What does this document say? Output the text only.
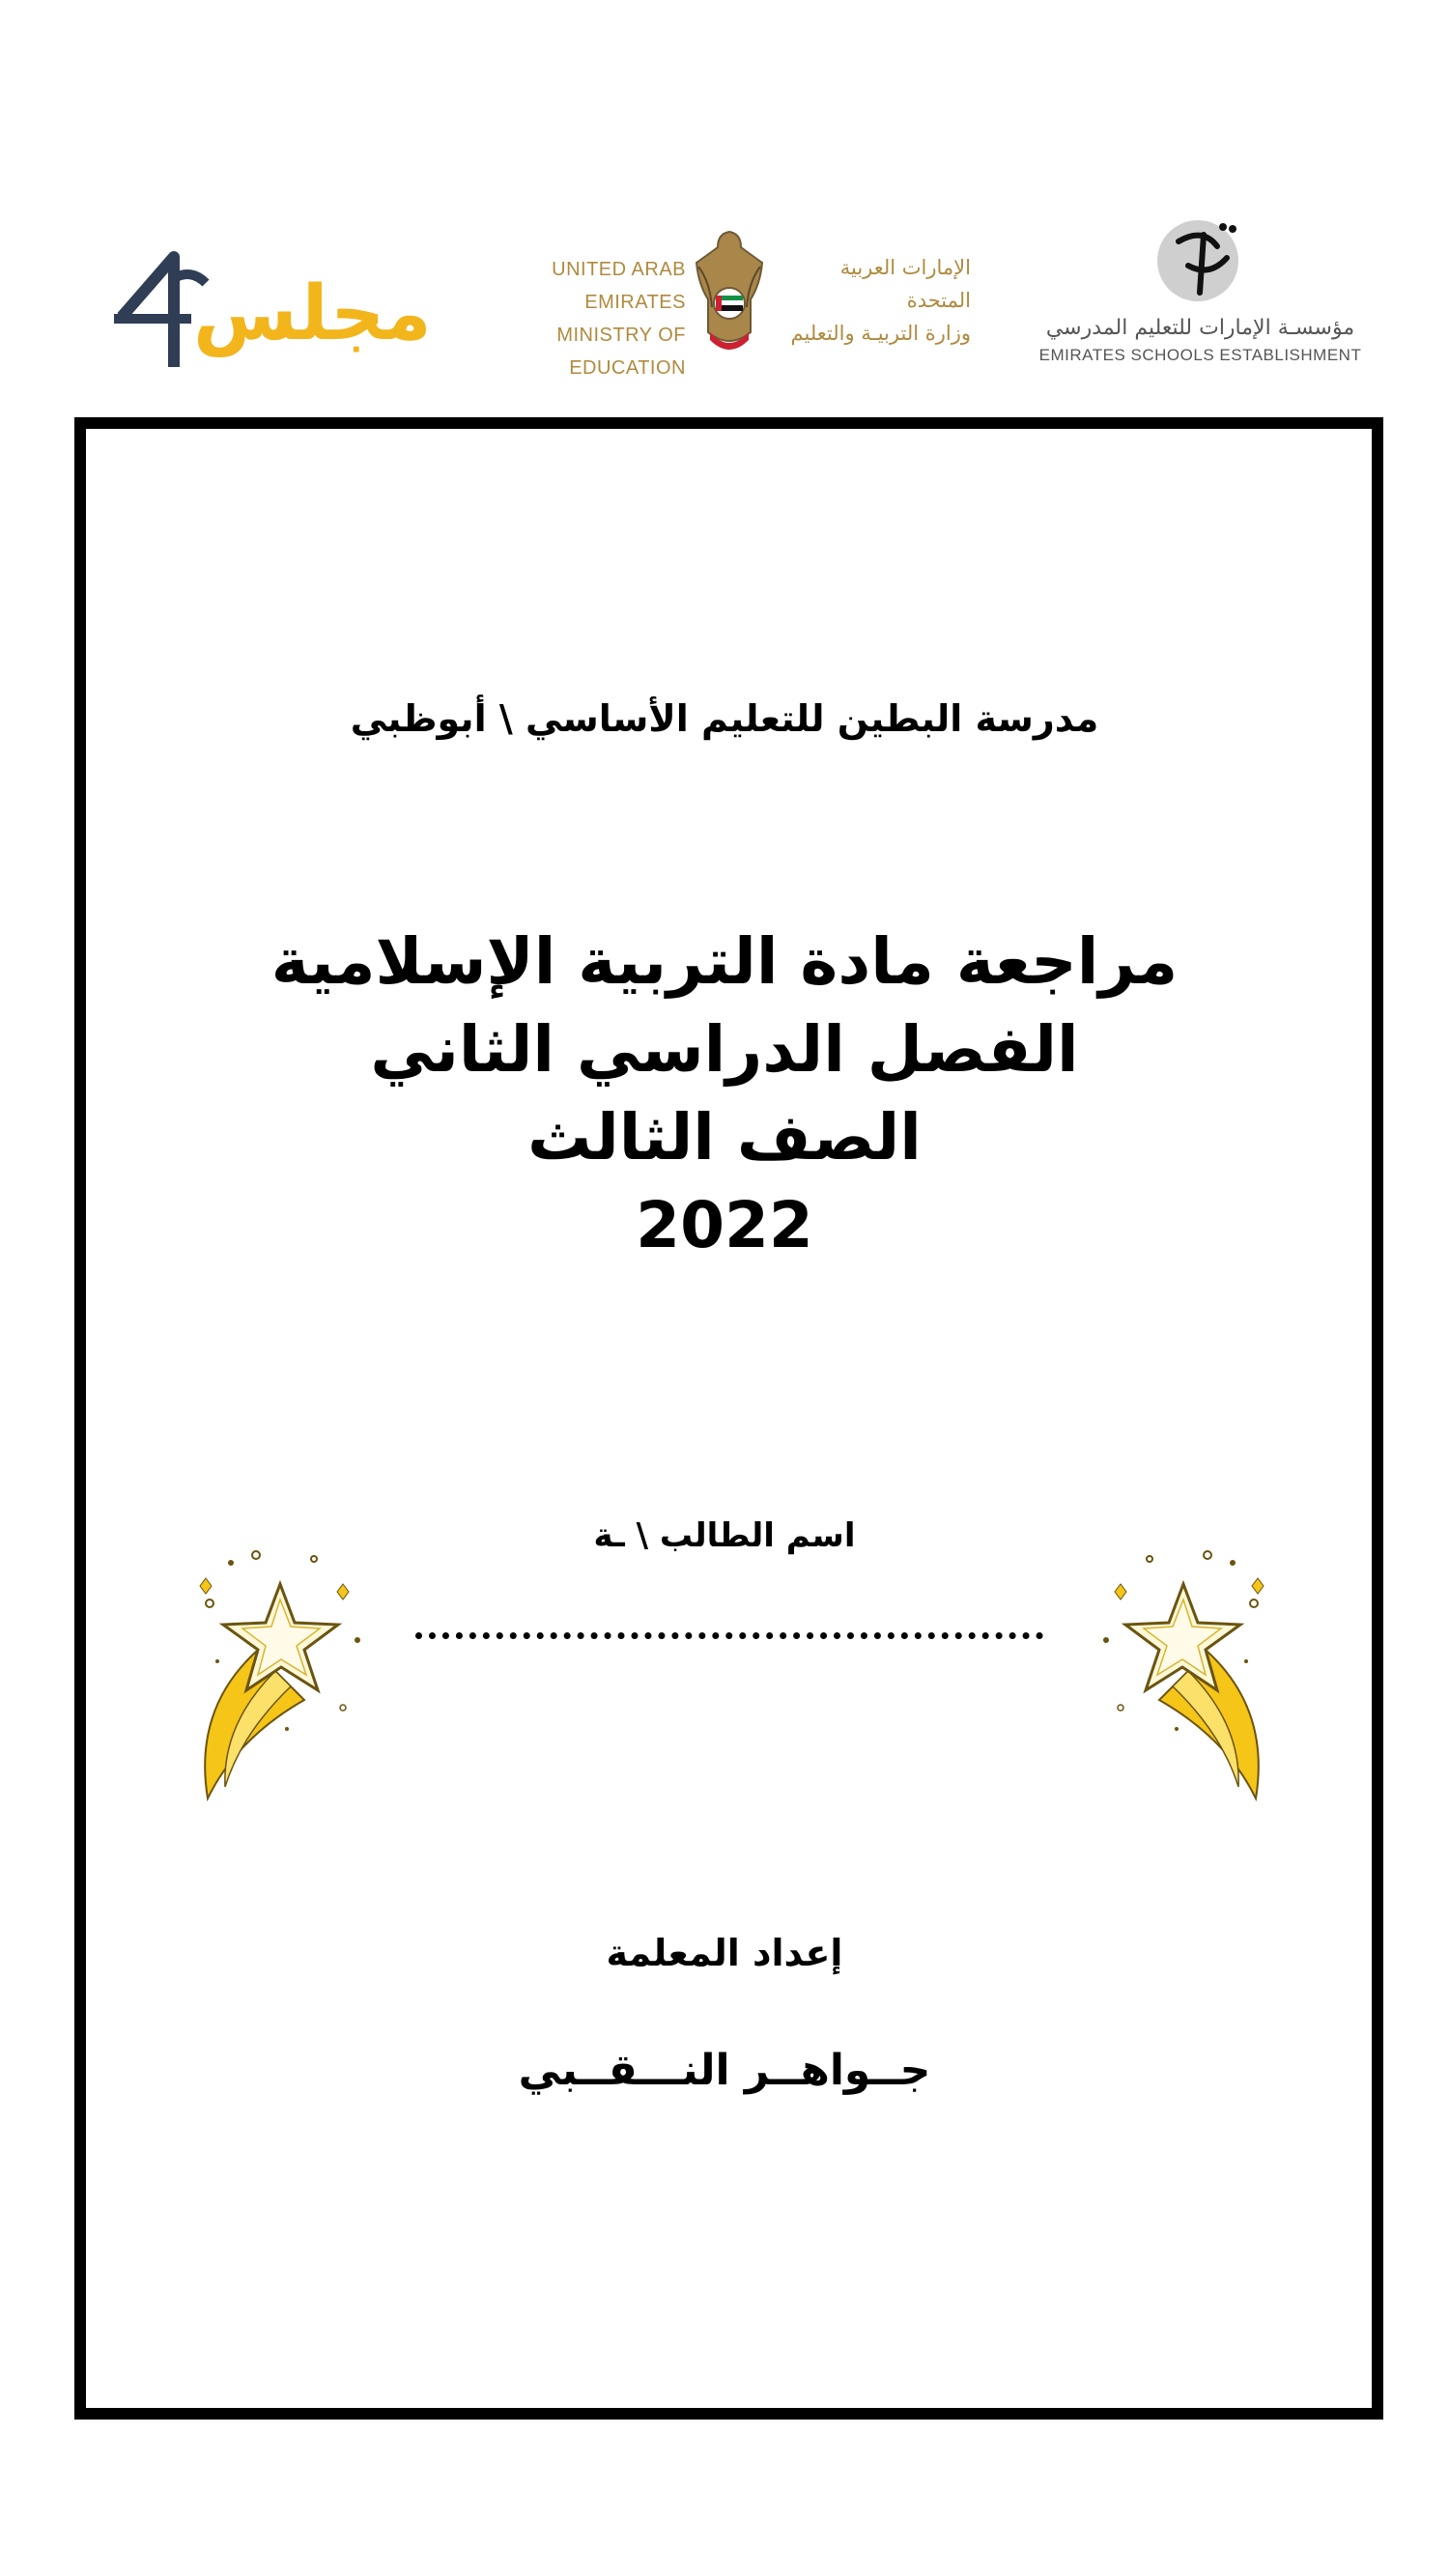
مجلس
UNITED ARAB EMIRATES
MINISTRY OF EDUCATION
الإمارات العربية المتحدة
وزارة التربيـة والتعليم	مؤسسـة الإمارات للتعليم المدرسي
EMIRATES SCHOOLS ESTABLISHMENT
مدرسة البطين للتعليم الأساسي \ أبوظبي
مراجعة مادة التربية الإسلامية
الفصل الدراسي الثاني
الصف الثالث
2022
اسم الطالب \ ـة
إعداد المعلمة
جــواهــر النـــقــبي
